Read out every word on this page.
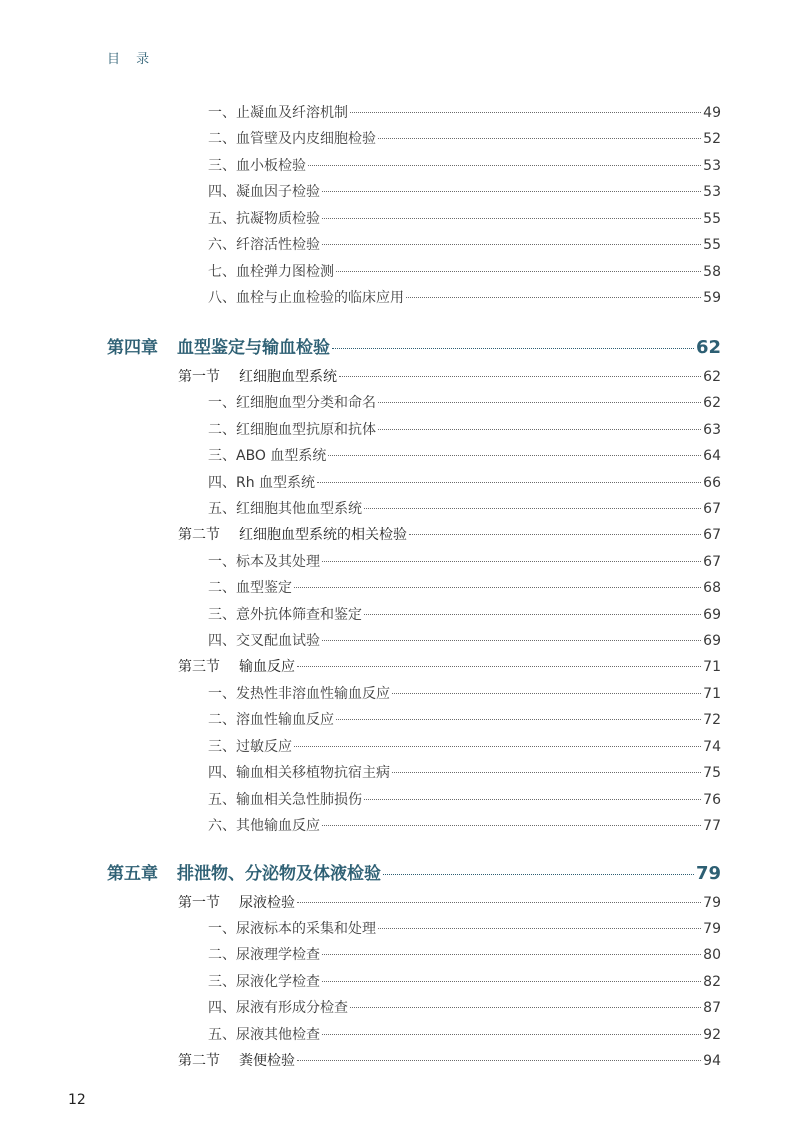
目 录
一、止凝血及纤溶机制	49
二、血管壁及内皮细胞检验	52
三、血小板检验	53
四、凝血因子检验	53
五、抗凝物质检验	55
六、纤溶活性检验	55
七、血栓弹力图检测	58
八、血栓与止血检验的临床应用	59
第四章 血型鉴定与输血检验	62
第一节 红细胞血型系统	62
一、红细胞血型分类和命名	62
二、红细胞血型抗原和抗体	63
三、ABO 血型系统	64
四、Rh 血型系统	66
五、红细胞其他血型系统	67
第二节 红细胞血型系统的相关检验	67
一、标本及其处理	67
二、血型鉴定	68
三、意外抗体筛查和鉴定	69
四、交叉配血试验	69
第三节 输血反应	71
一、发热性非溶血性输血反应	71
二、溶血性输血反应	72
三、过敏反应	74
四、输血相关移植物抗宿主病	75
五、输血相关急性肺损伤	76
六、其他输血反应	77
第五章 排泄物、分泌物及体液检验	79
第一节 尿液检验	79
一、尿液标本的采集和处理	79
二、尿液理学检查	80
三、尿液化学检查	82
四、尿液有形成分检查	87
五、尿液其他检查	92
第二节 粪便检验	94
12
